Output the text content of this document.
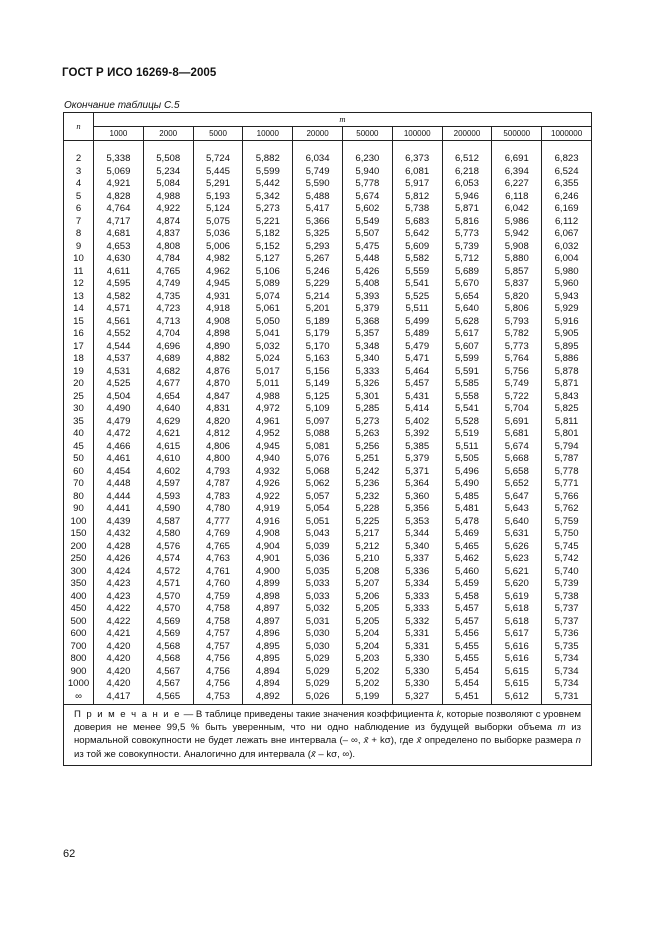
ГОСТ Р ИСО 16269-8—2005
Окончание таблицы С.5
n	m									
	1000	2000	5000	10000	20000	50000	100000	200000	500000	1000000

2	5,338	5,508	5,724	5,882	6,034	6,230	6,373	6,512	6,691	6,823
3	5,069	5,234	5,445	5,599	5,749	5,940	6,081	6,218	6,394	6,524
4	4,921	5,084	5,291	5,442	5,590	5,778	5,917	6,053	6,227	6,355
5	4,828	4,988	5,193	5,342	5,488	5,674	5,812	5,946	6,118	6,246
6	4,764	4,922	5,124	5,273	5,417	5,602	5,738	5,871	6,042	6,169
7	4,717	4,874	5,075	5,221	5,366	5,549	5,683	5,816	5,986	6,112
8	4,681	4,837	5,036	5,182	5,325	5,507	5,642	5,773	5,942	6,067
9	4,653	4,808	5,006	5,152	5,293	5,475	5,609	5,739	5,908	6,032
10	4,630	4,784	4,982	5,127	5,267	5,448	5,582	5,712	5,880	6,004
11	4,611	4,765	4,962	5,106	5,246	5,426	5,559	5,689	5,857	5,980
12	4,595	4,749	4,945	5,089	5,229	5,408	5,541	5,670	5,837	5,960
13	4,582	4,735	4,931	5,074	5,214	5,393	5,525	5,654	5,820	5,943
14	4,571	4,723	4,918	5,061	5,201	5,379	5,511	5,640	5,806	5,929
15	4,561	4,713	4,908	5,050	5,189	5,368	5,499	5,628	5,793	5,916
16	4,552	4,704	4,898	5,041	5,179	5,357	5,489	5,617	5,782	5,905
17	4,544	4,696	4,890	5,032	5,170	5,348	5,479	5,607	5,773	5,895
18	4,537	4,689	4,882	5,024	5,163	5,340	5,471	5,599	5,764	5,886
19	4,531	4,682	4,876	5,017	5,156	5,333	5,464	5,591	5,756	5,878
20	4,525	4,677	4,870	5,011	5,149	5,326	5,457	5,585	5,749	5,871
25	4,504	4,654	4,847	4,988	5,125	5,301	5,431	5,558	5,722	5,843
30	4,490	4,640	4,831	4,972	5,109	5,285	5,414	5,541	5,704	5,825
35	4,479	4,629	4,820	4,961	5,097	5,273	5,402	5,528	5,691	5,811
40	4,472	4,621	4,812	4,952	5,088	5,263	5,392	5,519	5,681	5,801
45	4,466	4,615	4,806	4,945	5,081	5,256	5,385	5,511	5,674	5,794
50	4,461	4,610	4,800	4,940	5,076	5,251	5,379	5,505	5,668	5,787
60	4,454	4,602	4,793	4,932	5,068	5,242	5,371	5,496	5,658	5,778
70	4,448	4,597	4,787	4,926	5,062	5,236	5,364	5,490	5,652	5,771
80	4,444	4,593	4,783	4,922	5,057	5,232	5,360	5,485	5,647	5,766
90	4,441	4,590	4,780	4,919	5,054	5,228	5,356	5,481	5,643	5,762
100	4,439	4,587	4,777	4,916	5,051	5,225	5,353	5,478	5,640	5,759
150	4,432	4,580	4,769	4,908	5,043	5,217	5,344	5,469	5,631	5,750
200	4,428	4,576	4,765	4,904	5,039	5,212	5,340	5,465	5,626	5,745
250	4,426	4,574	4,763	4,901	5,036	5,210	5,337	5,462	5,623	5,742
300	4,424	4,572	4,761	4,900	5,035	5,208	5,336	5,460	5,621	5,740
350	4,423	4,571	4,760	4,899	5,033	5,207	5,334	5,459	5,620	5,739
400	4,423	4,570	4,759	4,898	5,033	5,206	5,333	5,458	5,619	5,738
450	4,422	4,570	4,758	4,897	5,032	5,205	5,333	5,457	5,618	5,737
500	4,422	4,569	4,758	4,897	5,031	5,205	5,332	5,457	5,618	5,737
600	4,421	4,569	4,757	4,896	5,030	5,204	5,331	5,456	5,617	5,736
700	4,420	4,568	4,757	4,895	5,030	5,204	5,331	5,455	5,616	5,735
800	4,420	4,568	4,756	4,895	5,029	5,203	5,330	5,455	5,616	5,734
900	4,420	4,567	4,756	4,894	5,029	5,202	5,330	5,454	5,615	5,734
1000	4,420	4,567	4,756	4,894	5,029	5,202	5,330	5,454	5,615	5,734
∞	4,417	4,565	4,753	4,892	5,026	5,199	5,327	5,451	5,612	5,731
П р и м е ч а н и е — В таблице приведены такие значения коэффициента k, которые позволяют с уровнем доверия не менее 99,5 % быть уверенным, что ни одно наблюдение из будущей выборки объема m из нормальной совокупности не будет лежать вне интервала (– ∞, x̄ + kσ), где x̄ определено по выборке размера n из той же совокупности. Аналогично для интервала (x̄ – kσ, ∞).
62
